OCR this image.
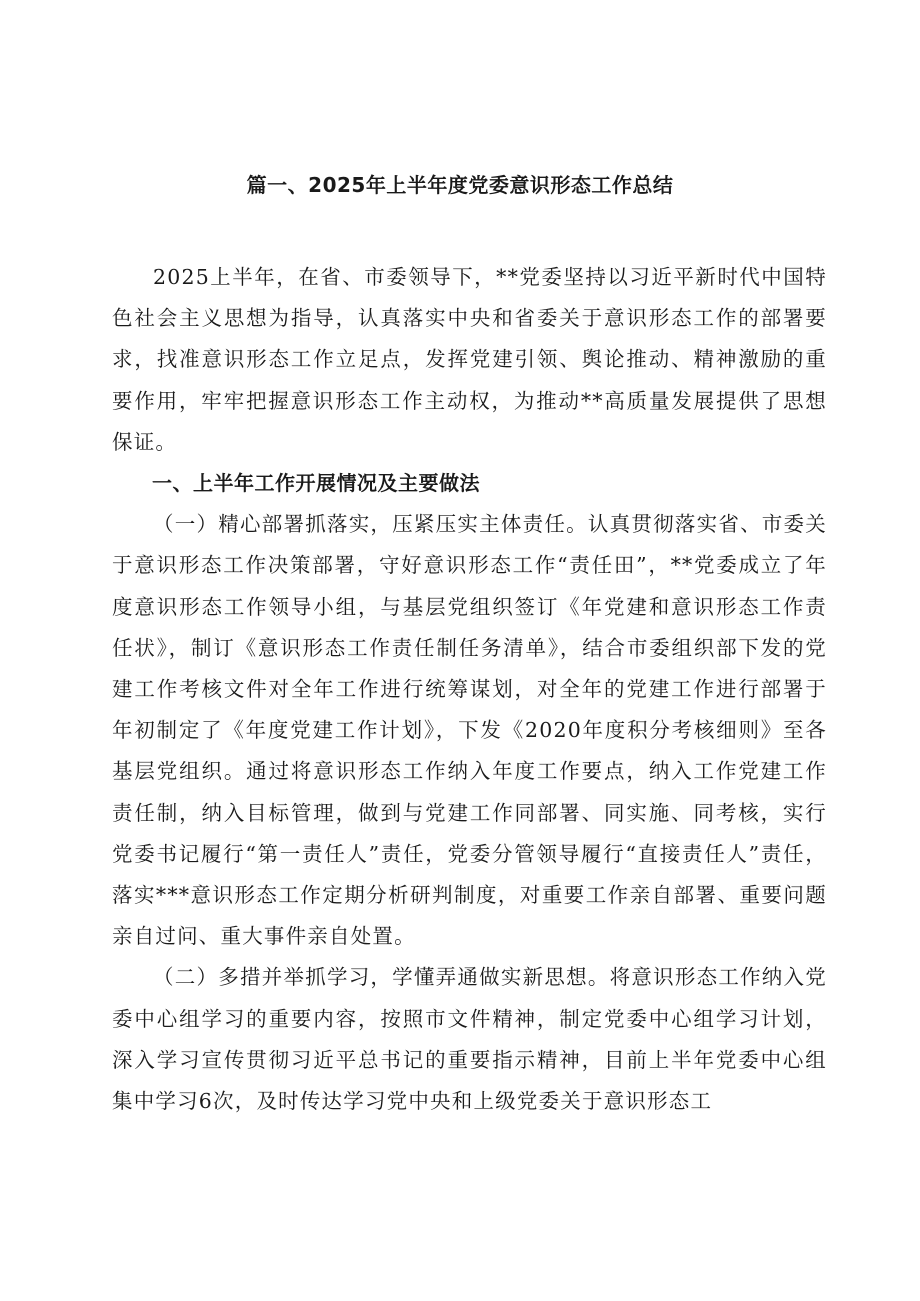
篇一、2025年上半年度党委意识形态工作总结

2025上半年，在省、市委领导下，**党委坚持以习近平新时代中国特色社会主义思想为指导，认真落实中央和省委关于意识形态工作的部署要求，找准意识形态工作立足点，发挥党建引领、舆论推动、精神激励的重要作用，牢牢把握意识形态工作主动权，为推动**高质量发展提供了思想保证。

一、上半年工作开展情况及主要做法

（一）精心部署抓落实，压紧压实主体责任。认真贯彻落实省、市委关于意识形态工作决策部署，守好意识形态工作“责任田”，**党委成立了年度意识形态工作领导小组，与基层党组织签订《年党建和意识形态工作责任状》，制订《意识形态工作责任制任务清单》，结合市委组织部下发的党建工作考核文件对全年工作进行统筹谋划，对全年的党建工作进行部署于年初制定了《年度党建工作计划》，下发《2020年度积分考核细则》至各基层党组织。通过将意识形态工作纳入年度工作要点，纳入工作党建工作责任制，纳入目标管理，做到与党建工作同部署、同实施、同考核，实行党委书记履行“第一责任人”责任，党委分管领导履行“直接责任人”责任，落实***意识形态工作定期分析研判制度，对重要工作亲自部署、重要问题亲自过问、重大事件亲自处置。

（二）多措并举抓学习，学懂弄通做实新思想。将意识形态工作纳入党委中心组学习的重要内容，按照市文件精神，制定党委中心组学习计划，深入学习宣传贯彻习近平总书记的重要指示精神，目前上半年党委中心组集中学习6次，及时传达学习党中央和上级党委关于意识形态工
